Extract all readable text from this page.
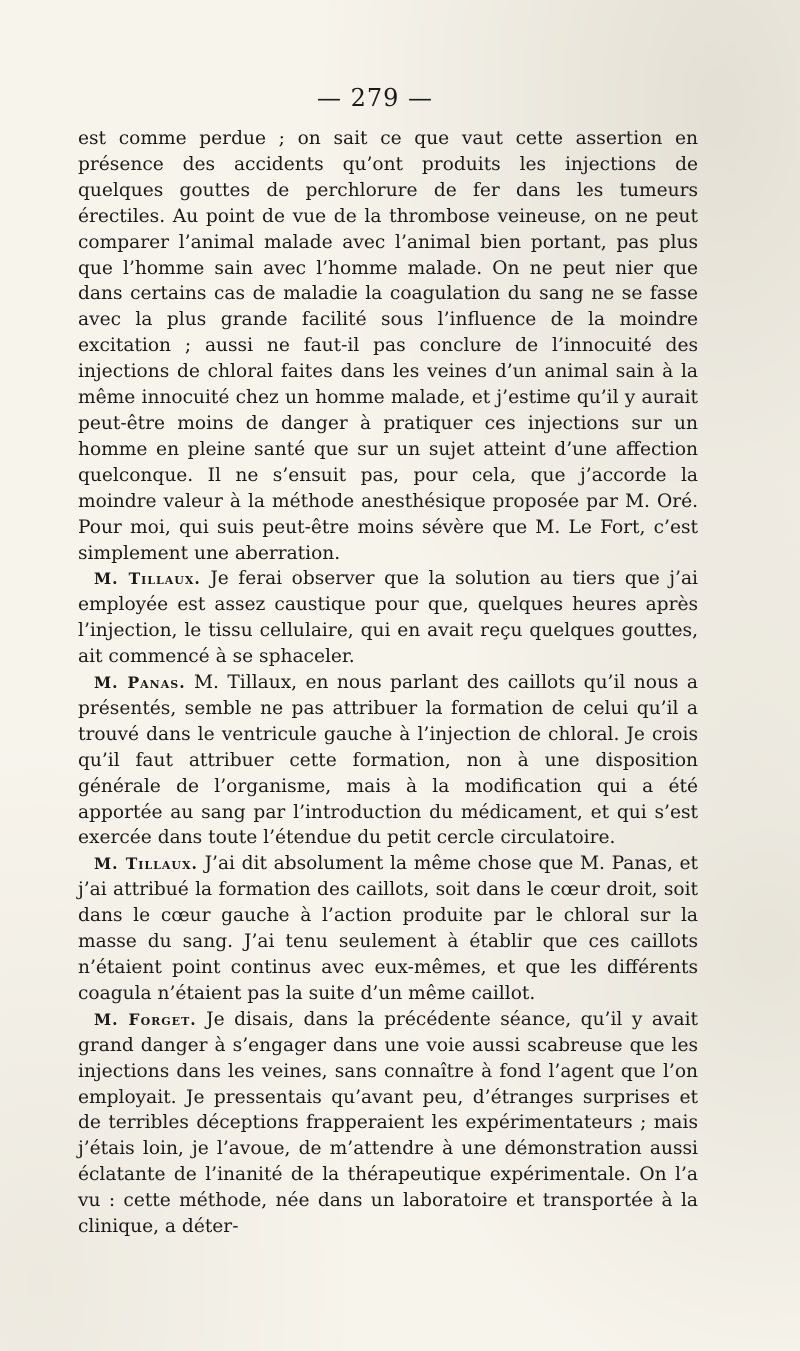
— 279 —

est comme perdue ; on sait ce que vaut cette assertion en présence des accidents qu’ont produits les injections de quelques gouttes de perchlorure de fer dans les tumeurs érectiles. Au point de vue de la thrombose veineuse, on ne peut comparer l’animal malade avec l’animal bien portant, pas plus que l’homme sain avec l’homme malade. On ne peut nier que dans certains cas de maladie la coagulation du sang ne se fasse avec la plus grande facilité sous l’influence de la moindre excitation ; aussi ne faut-il pas conclure de l’innocuité des injections de chloral faites dans les veines d’un animal sain à la même innocuité chez un homme malade, et j’estime qu’il y aurait peut-être moins de danger à pratiquer ces injections sur un homme en pleine santé que sur un sujet atteint d’une affection quelconque. Il ne s’ensuit pas, pour cela, que j’accorde la moindre valeur à la méthode anesthésique proposée par M. Oré. Pour moi, qui suis peut-être moins sévère que M. Le Fort, c’est simplement une aberration.

M. Tillaux. Je ferai observer que la solution au tiers que j’ai employée est assez caustique pour que, quelques heures après l’injection, le tissu cellulaire, qui en avait reçu quelques gouttes, ait commencé à se sphaceler.

M. Panas. M. Tillaux, en nous parlant des caillots qu’il nous a présentés, semble ne pas attribuer la formation de celui qu’il a trouvé dans le ventricule gauche à l’injection de chloral. Je crois qu’il faut attribuer cette formation, non à une disposition générale de l’organisme, mais à la modification qui a été apportée au sang par l’introduction du médicament, et qui s’est exercée dans toute l’étendue du petit cercle circulatoire.

M. Tillaux. J’ai dit absolument la même chose que M. Panas, et j’ai attribué la formation des caillots, soit dans le cœur droit, soit dans le cœur gauche à l’action produite par le chloral sur la masse du sang. J’ai tenu seulement à établir que ces caillots n’étaient point continus avec eux-mêmes, et que les différents coagula n’étaient pas la suite d’un même caillot.

M. Forget. Je disais, dans la précédente séance, qu’il y avait grand danger à s’engager dans une voie aussi scabreuse que les injections dans les veines, sans connaître à fond l’agent que l’on employait. Je pressentais qu’avant peu, d’étranges surprises et de terribles déceptions frapperaient les expérimentateurs ; mais j’étais loin, je l’avoue, de m’attendre à une démonstration aussi éclatante de l’inanité de la thérapeutique expérimentale. On l’a vu : cette méthode, née dans un laboratoire et transportée à la clinique, a déter-
